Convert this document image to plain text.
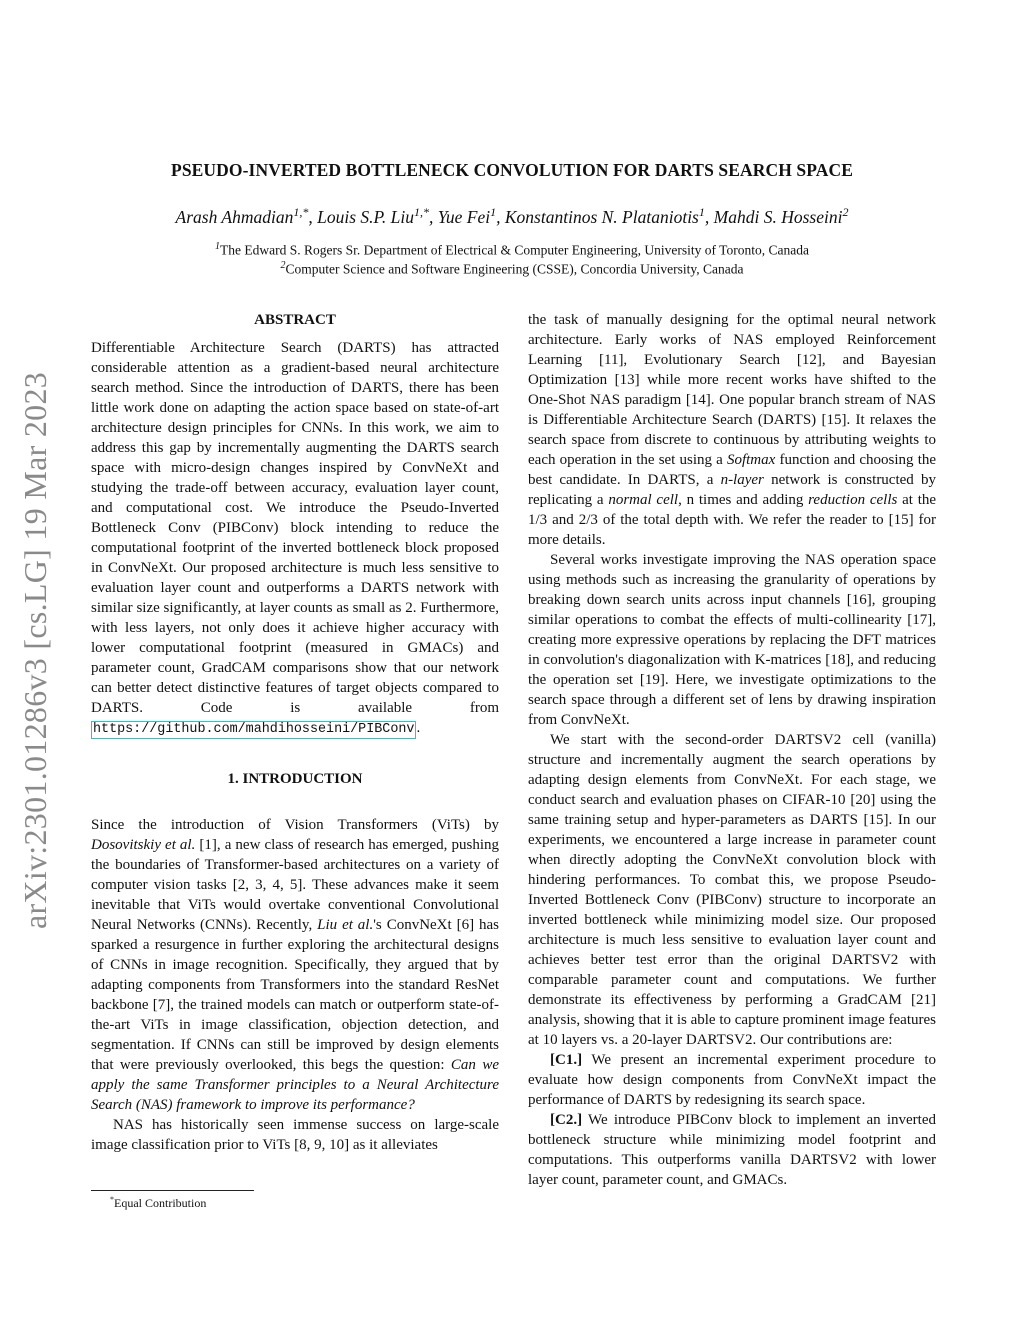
arXiv:2301.01286v3 [cs.LG] 19 Mar 2023
PSEUDO-INVERTED BOTTLENECK CONVOLUTION FOR DARTS SEARCH SPACE
Arash Ahmadian$^{1,*}$, Louis S.P. Liu$^{1,*}$, Yue Fei$^1$, Konstantinos N. Plataniotis$^1$, Mahdi S. Hosseini$^2$
$^1$The Edward S. Rogers Sr. Department of Electrical & Computer Engineering, University of Toronto, Canada
$^2$Computer Science and Software Engineering (CSSE), Concordia University, Canada

ABSTRACT

Differentiable Architecture Search (DARTS) has attracted considerable attention as a gradient-based neural architecture search method. Since the introduction of DARTS, there has been little work done on adapting the action space based on state-of-art architecture design principles for CNNs. In this work, we aim to address this gap by incrementally augmenting the DARTS search space with micro-design changes inspired by ConvNeXt and studying the trade-off between accuracy, evaluation layer count, and computational cost. We introduce the Pseudo-Inverted Bottleneck Conv (PIBConv) block intending to reduce the computational footprint of the inverted bottleneck block proposed in ConvNeXt. Our proposed architecture is much less sensitive to evaluation layer count and outperforms a DARTS network with similar size significantly, at layer counts as small as 2. Furthermore, with less layers, not only does it achieve higher accuracy with lower computational footprint (measured in GMACs) and parameter count, GradCAM comparisons show that our network can better detect distinctive features of target objects compared to DARTS. Code is available from https://github.com/mahdihosseini/PIBConv .

1. INTRODUCTION

Since the introduction of Vision Transformers (ViTs) by Dosovitskiy et al. [1], a new class of research has emerged, pushing the boundaries of Transformer-based architectures on a variety of computer vision tasks [2, 3, 4, 5]. These advances make it seem inevitable that ViTs would overtake conventional Convolutional Neural Networks (CNNs). Recently, Liu et al.'s ConvNeXt [6] has sparked a resurgence in further exploring the architectural designs of CNNs in image recognition. Specifically, they argued that by adapting components from Transformers into the standard ResNet backbone [7], the trained models can match or outperform state-of-the-art ViTs in image classification, objection detection, and segmentation. If CNNs can still be improved by design elements that were previously overlooked, this begs the question: Can we apply the same Transformer principles to a Neural Architecture Search (NAS) framework to improve its performance?

NAS has historically seen immense success on large-scale image classification prior to ViTs [8, 9, 10] as it alleviates

*Equal Contribution

the task of manually designing for the optimal neural network architecture. Early works of NAS employed Reinforcement Learning [11], Evolutionary Search [12], and Bayesian Optimization [13] while more recent works have shifted to the One-Shot NAS paradigm [14]. One popular branch stream of NAS is Differentiable Architecture Search (DARTS) [15]. It relaxes the search space from discrete to continuous by attributing weights to each operation in the set using a Softmax function and choosing the best candidate. In DARTS, a n-layer network is constructed by replicating a normal cell, n times and adding reduction cells at the 1/3 and 2/3 of the total depth with. We refer the reader to [15] for more details.

Several works investigate improving the NAS operation space using methods such as increasing the granularity of operations by breaking down search units across input channels [16], grouping similar operations to combat the effects of multi-collinearity [17], creating more expressive operations by replacing the DFT matrices in convolution's diagonalization with K-matrices [18], and reducing the operation set [19]. Here, we investigate optimizations to the search space through a different set of lens by drawing inspiration from ConvNeXt.

We start with the second-order DARTSV2 cell (vanilla) structure and incrementally augment the search operations by adapting design elements from ConvNeXt. For each stage, we conduct search and evaluation phases on CIFAR-10 [20] using the same training setup and hyper-parameters as DARTS [15]. In our experiments, we encountered a large increase in parameter count when directly adopting the ConvNeXt convolution block with hindering performances. To combat this, we propose Pseudo-Inverted Bottleneck Conv (PIBConv) structure to incorporate an inverted bottleneck while minimizing model size. Our proposed architecture is much less sensitive to evaluation layer count and achieves better test error than the original DARTSV2 with comparable parameter count and computations. We further demonstrate its effectiveness by performing a GradCAM [21] analysis, showing that it is able to capture prominent image features at 10 layers vs. a 20-layer DARTSV2. Our contributions are:

[C1.] We present an incremental experiment procedure to evaluate how design components from ConvNeXt impact the performance of DARTS by redesigning its search space.

[C2.] We introduce PIBConv block to implement an inverted bottleneck structure while minimizing model footprint and computations. This outperforms vanilla DARTSV2 with lower layer count, parameter count, and GMACs.
